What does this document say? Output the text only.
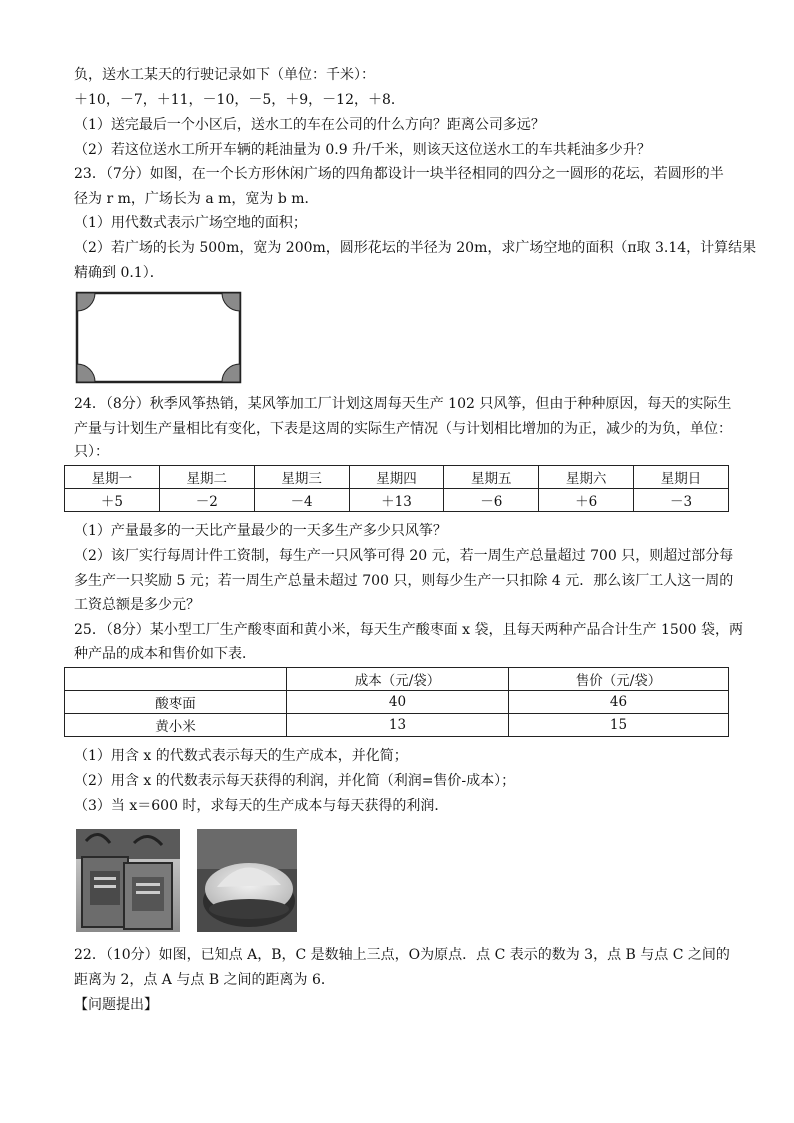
负，送水工某天的行驶记录如下（单位：千米）：
＋10，－7，＋11，－10，－5，＋9，－12，＋8．
（1）送完最后一个小区后，送水工的车在公司的什么方向？距离公司多远？
（2）若这位送水工所开车辆的耗油量为 0.9 升/千米，则该天这位送水工的车共耗油多少升？
23．（7分）如图，在一个长方形休闲广场的四角都设计一块半径相同的四分之一圆形的花坛，若圆形的半
径为 r m，广场长为 a m，宽为 b m．
（1）用代数式表示广场空地的面积；
（2）若广场的长为 500m，宽为 200m，圆形花坛的半径为 20m，求广场空地的面积（π取 3.14，计算结果
精确到 0.1）．
24．（8分）秋季风筝热销，某风筝加工厂计划这周每天生产 102 只风筝，但由于种种原因，每天的实际生
产量与计划生产量相比有变化，下表是这周的实际生产情况（与计划相比增加的为正，减少的为负，单位：
只）：
星期一	星期二	星期三	星期四	星期五	星期六	星期日
＋5	－2	－4	＋13	－6	＋6	－3
（1）产量最多的一天比产量最少的一天多生产多少只风筝？
（2）该厂实行每周计件工资制，每生产一只风筝可得 20 元，若一周生产总量超过 700 只，则超过部分每
多生产一只奖励 5 元；若一周生产总量未超过 700 只，则每少生产一只扣除 4 元．那么该厂工人这一周的
工资总额是多少元？
25．（8分）某小型工厂生产酸枣面和黄小米，每天生产酸枣面 x 袋，且每天两种产品合计生产 1500 袋，两
种产品的成本和售价如下表．
	成本（元/袋）	售价（元/袋）
酸枣面	40	46
黄小米	13	15
（1）用含 x 的代数式表示每天的生产成本，并化简；
（2）用含 x 的代数表示每天获得的利润，并化简（利润=售价-成本）；
（3）当 x＝600 时，求每天的生产成本与每天获得的利润．
22．（10分）如图，已知点 A，B，C 是数轴上三点，O为原点．点 C 表示的数为 3，点 B 与点 C 之间的
距离为 2，点 A 与点 B 之间的距离为 6．
【问题提出】
